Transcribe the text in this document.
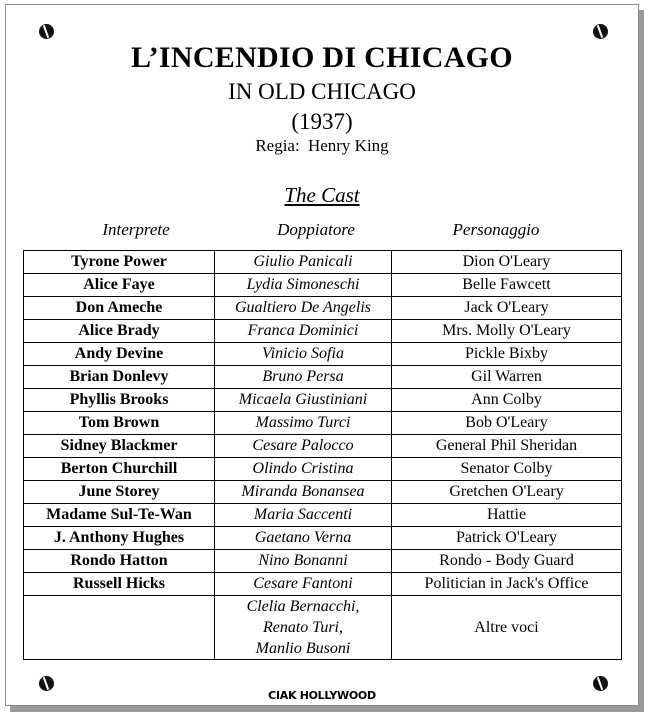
L’INCENDIO DI CHICAGO
IN OLD CHICAGO
(1937)
Regia: Henry King
The Cast
Interprete	Doppiatore	Personaggio
Tyrone Power	Giulio Panicali	Dion O'Leary
Alice Faye	Lydia Simoneschi	Belle Fawcett
Don Ameche	Gualtiero De Angelis	Jack O'Leary
Alice Brady	Franca Dominici	Mrs. Molly O'Leary
Andy Devine	Vinicio Sofia	Pickle Bixby
Brian Donlevy	Bruno Persa	Gil Warren
Phyllis Brooks	Micaela Giustiniani	Ann Colby
Tom Brown	Massimo Turci	Bob O'Leary
Sidney Blackmer	Cesare Palocco	General Phil Sheridan
Berton Churchill	Olindo Cristina	Senator Colby
June Storey	Miranda Bonansea	Gretchen O'Leary
Madame Sul-Te-Wan	Maria Saccenti	Hattie
J. Anthony Hughes	Gaetano Verna	Patrick O'Leary
Rondo Hatton	Nino Bonanni	Rondo - Body Guard
Russell Hicks	Cesare Fantoni	Politician in Jack's Office

	Clelia Bernacchi,
Renato Turi,
Manlio Busoni	Altre voci
CIAK HOLLYWOOD
